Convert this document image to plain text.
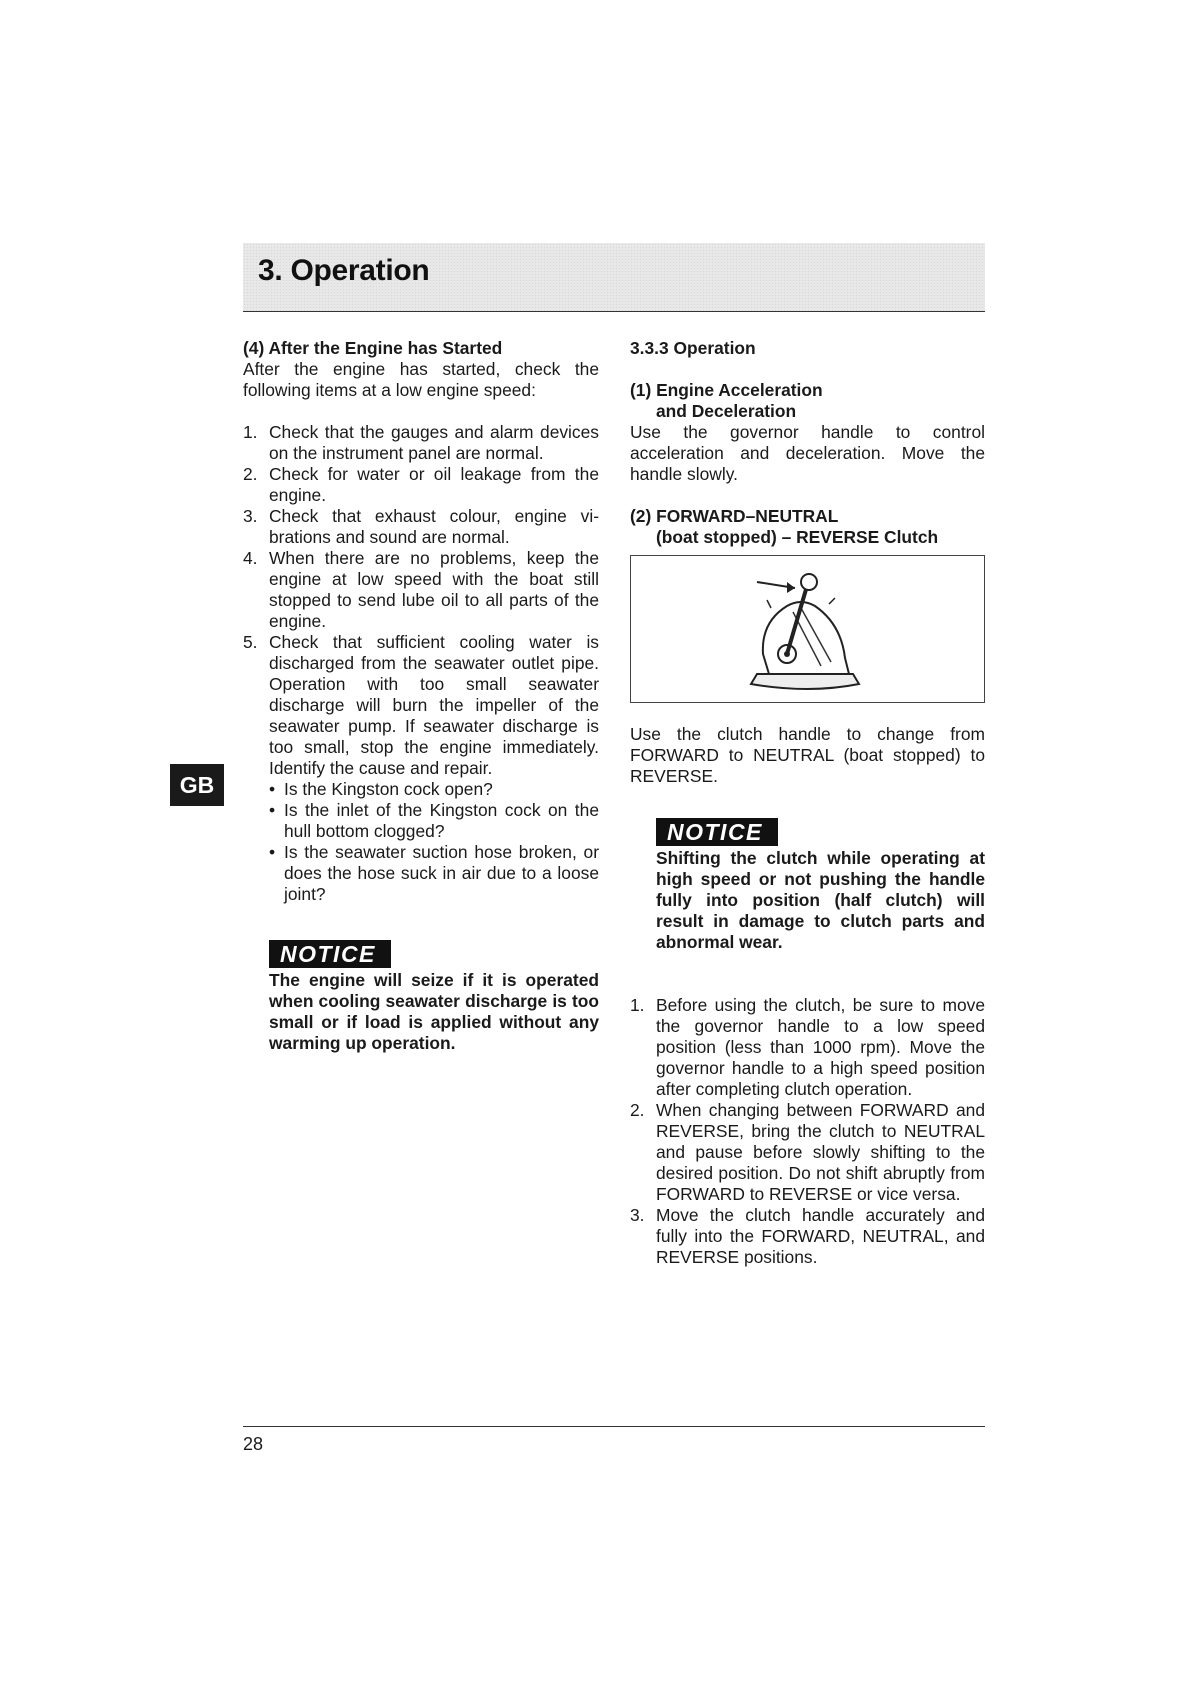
3. Operation
GB
(4) After the Engine has Started
After the engine has started, check the following items at a low engine speed:
1. Check that the gauges and alarm devices on the instrument panel are normal.
2. Check for water or oil leakage from the engine.
3. Check that exhaust colour, engine vi-brations and sound are normal.
4. When there are no problems, keep the engine at low speed with the boat still stopped to send lube oil to all parts of the engine.
5. Check that sufficient cooling water is discharged from the seawater outlet pipe. Operation with too small seawater discharge will burn the impeller of the seawater pump. If seawater discharge is too small, stop the engine immediately. Identify the cause and repair.
• Is the Kingston cock open?
• Is the inlet of the Kingston cock on the hull bottom clogged?
• Is the seawater suction hose broken, or does the hose suck in air due to a loose joint?
NOTICE
The engine will seize if it is operated when cooling seawater discharge is too small or if load is applied without any warming up operation.
3.3.3 Operation
(1) Engine Acceleration
and Deceleration
Use the governor handle to control acceleration and deceleration. Move the handle slowly.
(2) FORWARD–NEUTRAL
(boat stopped) – REVERSE Clutch
Use the clutch handle to change from FORWARD to NEUTRAL (boat stopped) to REVERSE.
NOTICE
Shifting the clutch while operating at high speed or not pushing the handle fully into position (half clutch) will result in damage to clutch parts and abnormal wear.
1. Before using the clutch, be sure to move the governor handle to a low speed position (less than 1000 rpm). Move the governor handle to a high speed position after completing clutch operation.
2. When changing between FORWARD and REVERSE, bring the clutch to NEUTRAL and pause before slowly shifting to the desired position. Do not shift abruptly from FORWARD to REVERSE or vice versa.
3. Move the clutch handle accurately and fully into the FORWARD, NEUTRAL, and REVERSE positions.
28
